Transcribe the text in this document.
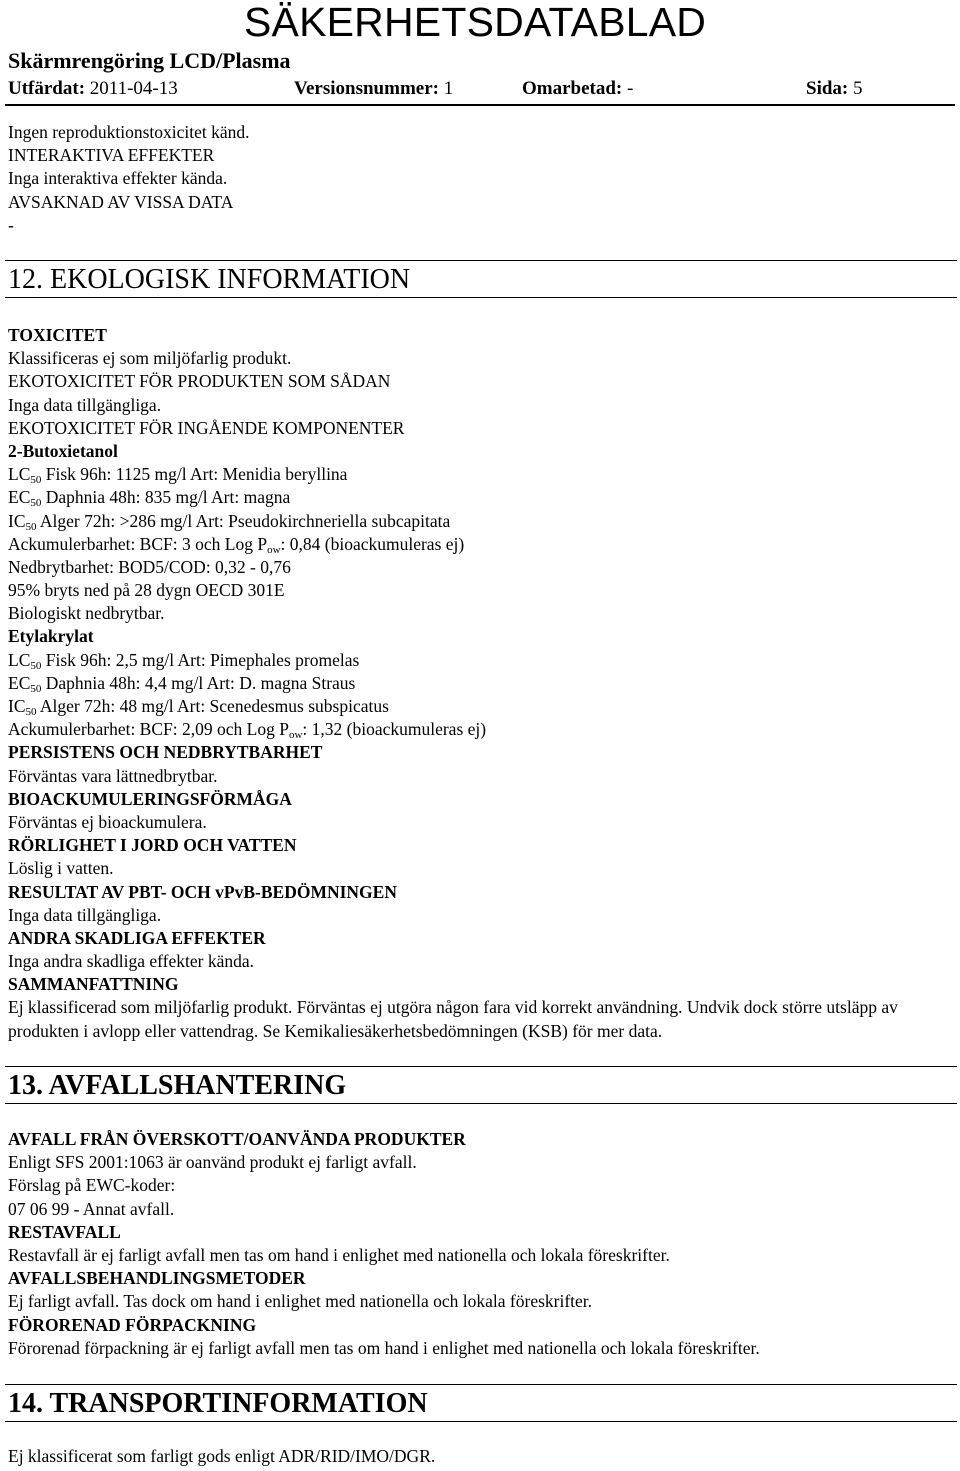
SÄKERHETSDATABLAD
Skärmrengöring LCD/Plasma
Utfärdat: 2011-04-13	Versionsnummer: 1	Omarbetad: -	Sida: 5
Ingen reproduktionstoxicitet känd.
INTERAKTIVA EFFEKTER
Inga interaktiva effekter kända.
AVSAKNAD AV VISSA DATA
-
12. EKOLOGISK INFORMATION
TOXICITET
Klassificeras ej som miljöfarlig produkt.
EKOTOXICITET FÖR PRODUKTEN SOM SÅDAN
Inga data tillgängliga.
EKOTOXICITET FÖR INGÅENDE KOMPONENTER
2-Butoxietanol
$LC_{50}$ Fisk 96h: 1125 mg/l Art: Menidia beryllina
$EC_{50}$ Daphnia 48h: 835 mg/l Art: magna
$IC_{50}$ Alger 72h: >286 mg/l Art: Pseudokirchneriella subcapitata
Ackumulerbarhet: BCF: 3 och Log $P_{ow}$: 0,84 (bioackumuleras ej)
Nedbrytbarhet: BOD5/COD: 0,32 - 0,76
95% bryts ned på 28 dygn OECD 301E
Biologiskt nedbrytbar.
Etylakrylat
$LC_{50}$ Fisk 96h: 2,5 mg/l Art: Pimephales promelas
$EC_{50}$ Daphnia 48h: 4,4 mg/l Art: D. magna Straus
$IC_{50}$ Alger 72h: 48 mg/l Art: Scenedesmus subspicatus
Ackumulerbarhet: BCF: 2,09 och Log $P_{ow}$: 1,32 (bioackumuleras ej)
PERSISTENS OCH NEDBRYTBARHET
Förväntas vara lättnedbrytbar.
BIOACKUMULERINGSFÖRMÅGA
Förväntas ej bioackumulera.
RÖRLIGHET I JORD OCH VATTEN
Löslig i vatten.
RESULTAT AV PBT- OCH vPvB-BEDÖMNINGEN
Inga data tillgängliga.
ANDRA SKADLIGA EFFEKTER
Inga andra skadliga effekter kända.
SAMMANFATTNING
Ej klassificerad som miljöfarlig produkt. Förväntas ej utgöra någon fara vid korrekt användning. Undvik dock större utsläpp av produkten i avlopp eller vattendrag. Se Kemikaliesäkerhetsbedömningen (KSB) för mer data.
13. AVFALLSHANTERING
AVFALL FRÅN ÖVERSKOTT/OANVÄNDA PRODUKTER
Enligt SFS 2001:1063 är oanvänd produkt ej farligt avfall.
Förslag på EWC-koder:
07 06 99 - Annat avfall.
RESTAVFALL
Restavfall är ej farligt avfall men tas om hand i enlighet med nationella och lokala föreskrifter.
AVFALLSBEHANDLINGSMETODER
Ej farligt avfall. Tas dock om hand i enlighet med nationella och lokala föreskrifter.
FÖRORENAD FÖRPACKNING
Förorenad förpackning är ej farligt avfall men tas om hand i enlighet med nationella och lokala föreskrifter.
14. TRANSPORTINFORMATION
Ej klassificerat som farligt gods enligt ADR/RID/IMO/DGR.
